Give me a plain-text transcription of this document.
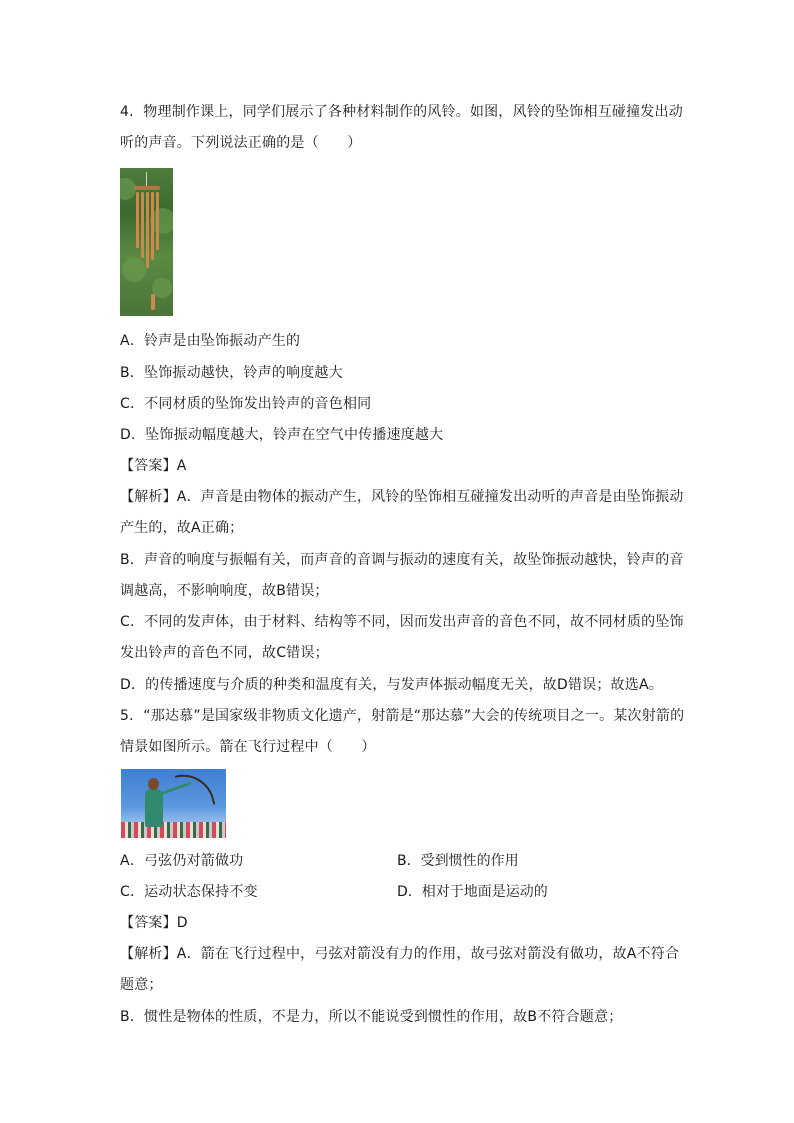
4．物理制作课上，同学们展示了各种材料制作的风铃。如图，风铃的坠饰相互碰撞发出动
听的声音。下列说法正确的是（　　）
A．铃声是由坠饰振动产生的
B．坠饰振动越快，铃声的响度越大
C．不同材质的坠饰发出铃声的音色相同
D．坠饰振动幅度越大，铃声在空气中传播速度越大
【答案】A
【解析】A．声音是由物体的振动产生，风铃的坠饰相互碰撞发出动听的声音是由坠饰振动
产生的，故A正确；
B．声音的响度与振幅有关，而声音的音调与振动的速度有关，故坠饰振动越快，铃声的音
调越高，不影响响度，故B错误；
C．不同的发声体，由于材料、结构等不同，因而发出声音的音色不同，故不同材质的坠饰
发出铃声的音色不同，故C错误；
D．的传播速度与介质的种类和温度有关，与发声体振动幅度无关，故D错误；故选A。
5．“那达慕”是国家级非物质文化遗产，射箭是“那达慕”大会的传统项目之一。某次射箭的
情景如图所示。箭在飞行过程中（　　）
A．弓弦仍对箭做功	B．受到惯性的作用
C．运动状态保持不变	D．相对于地面是运动的
【答案】D
【解析】A．箭在飞行过程中，弓弦对箭没有力的作用，故弓弦对箭没有做功，故A不符合
题意；
B．惯性是物体的性质，不是力，所以不能说受到惯性的作用，故B不符合题意；
